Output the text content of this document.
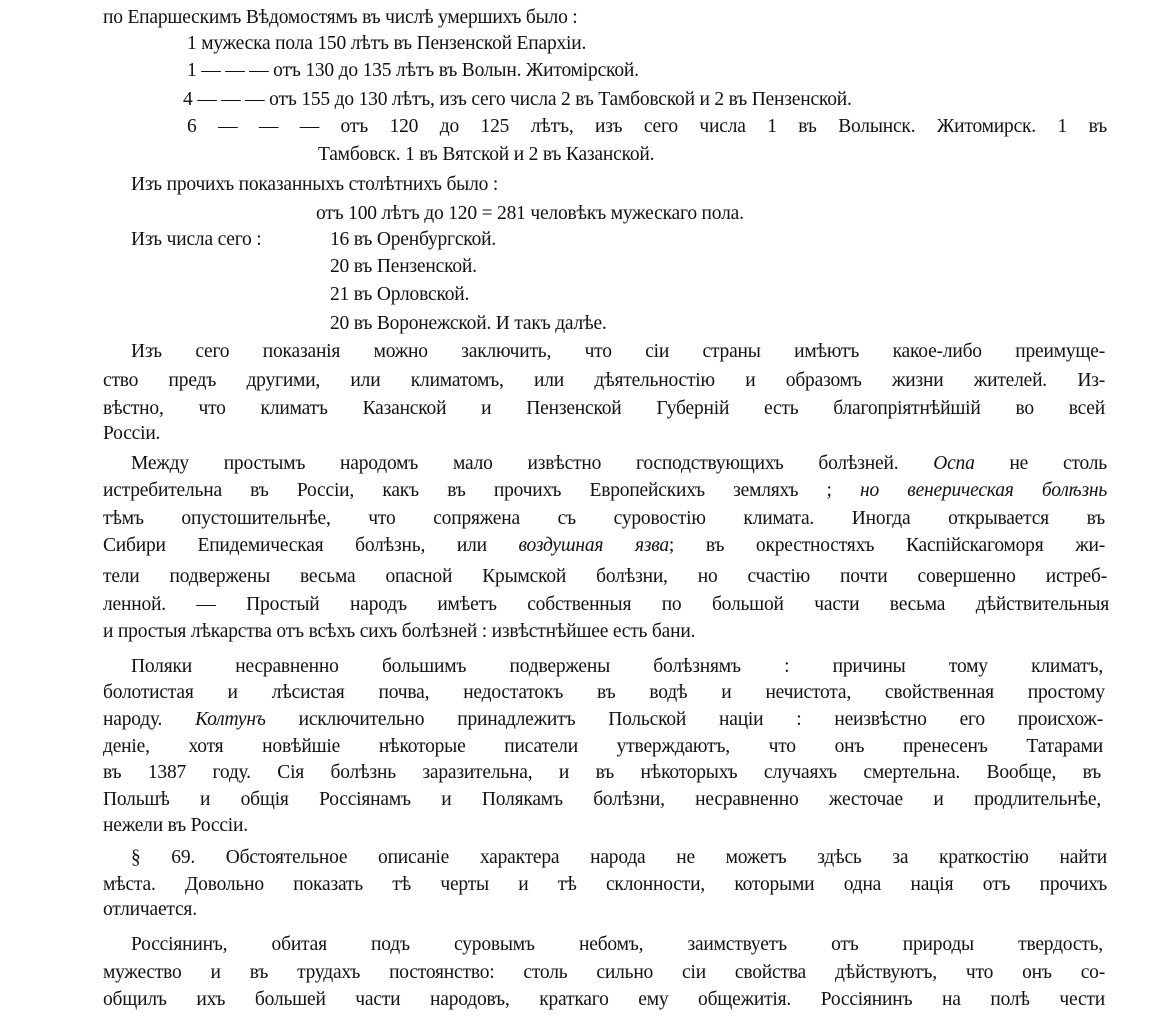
по Епаршескимъ Вѣдомостямъ въ числѣ умершихъ было :
1 мужеска пола 150 лѣтъ въ Пензенской Епархіи.
1 — — — отъ 130 до 135 лѣтъ въ Волын. Житомірской.
4 — — — отъ 155 до 130 лѣтъ, изъ сего числа 2 въ Тамбовской и 2 въ Пензенской.
6 — — — отъ 120 до 125 лѣтъ, изъ сего числа 1 въ Волынск. Житомирск. 1 въ
Тамбовск. 1 въ Вятской и 2 въ Казанской.
Изъ прочихъ показанныхъ столѣтнихъ было :
отъ 100 лѣтъ до 120 = 281 человѣкъ мужескаго пола.
Изъ числа сего :	16 въ Оренбургской.
20 въ Пензенской.
21 въ Орловской.
20 въ Воронежской. И такъ далѣе.
Изъ сего показанія можно заключить, что сіи страны имѣютъ какое-либо преимуще-
ство предъ другими, или климатомъ, или дѣятельностію и образомъ жизни жителей. Из-
вѣстно, что климатъ Казанской и Пензенской Губерній есть благопріятнѣйшій во всей
Россіи.
Между простымъ народомъ мало извѣстно господствующихъ болѣзней. Оспа не столь
истребительна въ Россіи, какъ въ прочихъ Европейскихъ земляхъ ; но венерическая болѣзнь
тѣмъ опустошительнѣе, что сопряжена съ суровостію климата. Иногда открывается въ
Сибири Епидемическая болѣзнь, или воздушная язва; въ окрестностяхъ Каспійскагоморя жи-
тели подвержены весьма опасной Крымской болѣзни, но счастію почти совершенно истреб-
ленной. — Простый народъ имѣетъ собственныя по большой части весьма дѣйствительныя
и простыя лѣкарства отъ всѣхъ сихъ болѣзней : извѣстнѣйшее есть бани.
Поляки несравненно большимъ подвержены болѣзнямъ : причины тому климатъ,
болотистая и лѣсистая почва, недостатокъ въ водѣ и нечистота, свойственная простому
народу. Колтунъ исключительно принадлежитъ Польской націи : неизвѣстно его происхож-
деніе, хотя новѣйшіе нѣкоторые писатели утверждаютъ, что онъ пренесенъ Татарами
въ 1387 году. Сія болѣзнь заразительна, и въ нѣкоторыхъ случаяхъ смертельна. Вообще, въ
Польшѣ и общія Россіянамъ и Полякамъ болѣзни, несравненно жесточае и продлительнѣе,
нежели въ Россіи.
§ 69. Обстоятельное описаніе характера народа не можетъ здѣсь за краткостію найти
мѣста. Довольно показать тѣ черты и тѣ склонности, которыми одна нація отъ прочихъ
отличается.
Россіянинъ, обитая подъ суровымъ небомъ, заимствуетъ отъ природы твердость,
мужество и въ трудахъ постоянство: столь сильно сіи свойства дѣйствуютъ, что онъ со-
общилъ ихъ большей части народовъ, краткаго ему общежитія. Россіянинъ на полѣ чести
